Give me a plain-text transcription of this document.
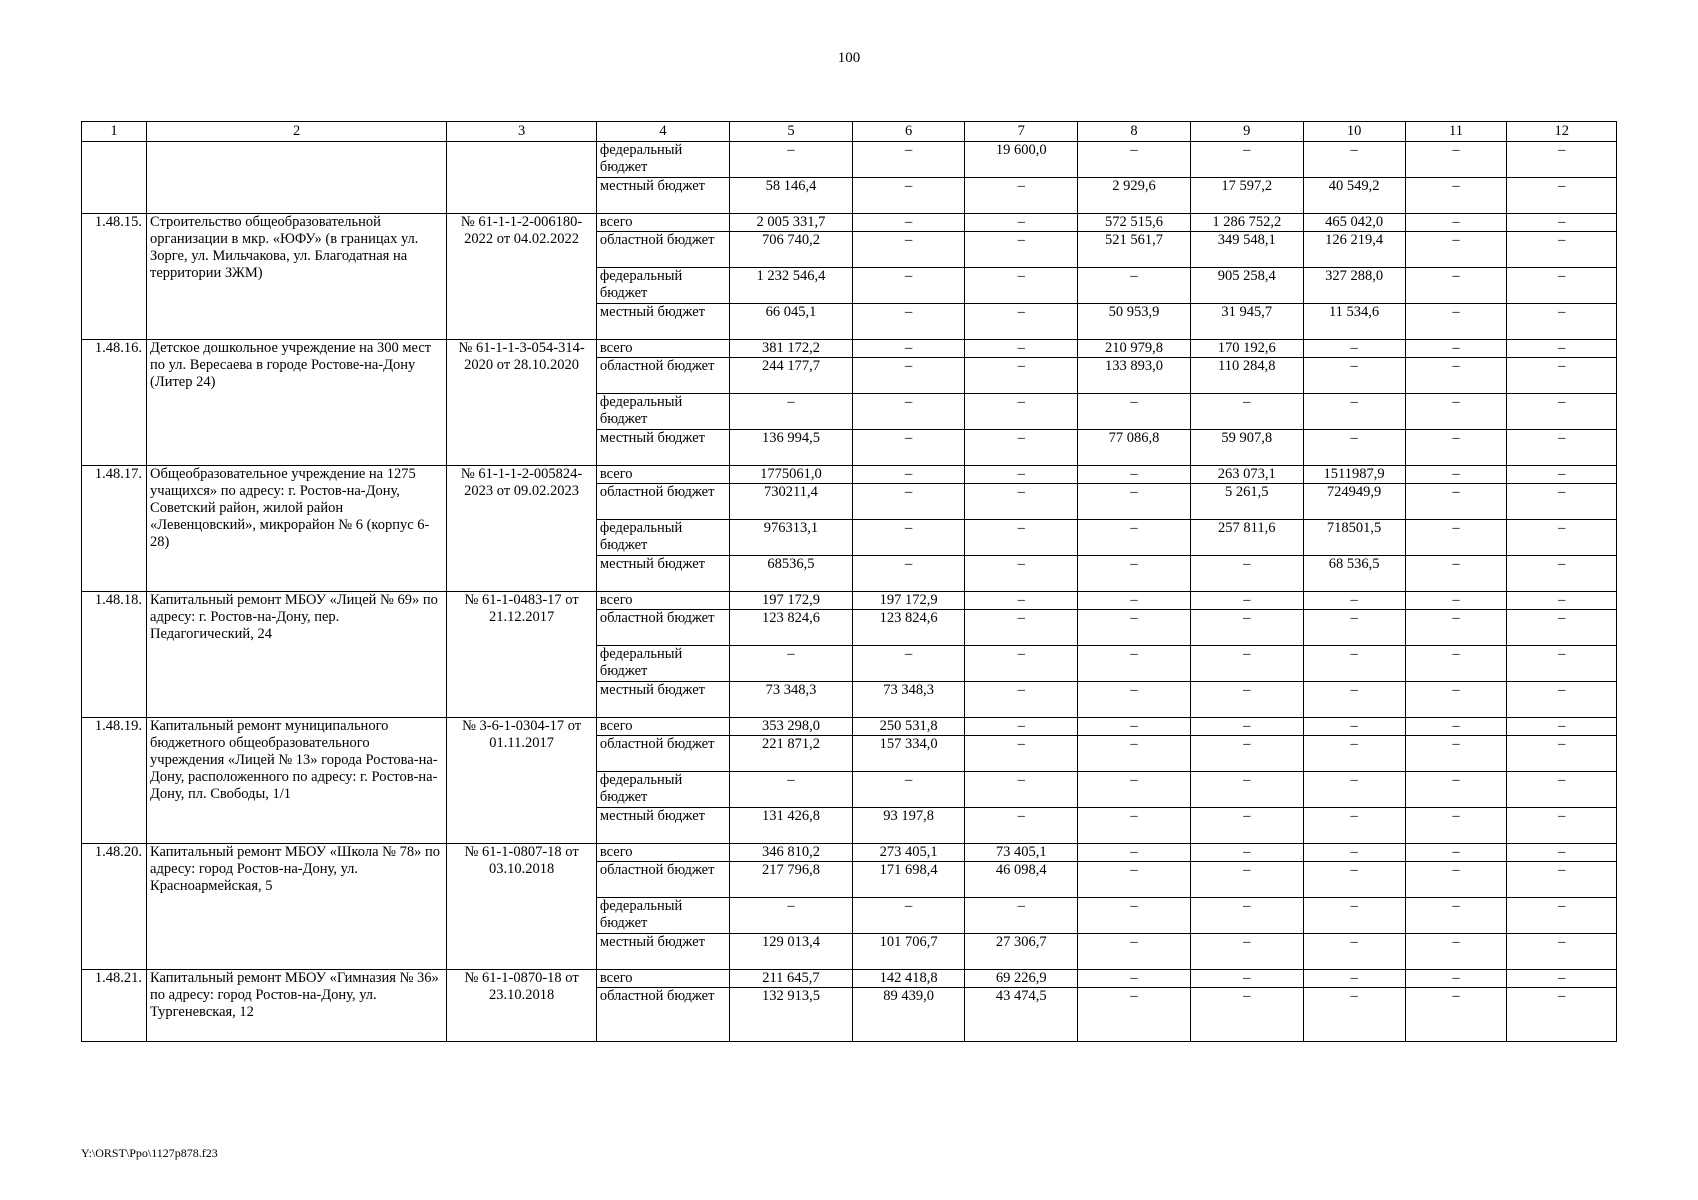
100
1	2	3	4	5	6	7	8	9	10	11	12
			федеральный бюджет	–	–	19 600,0	–	–	–	–	–
			местный бюджет	58 146,4	–	–	2 929,6	17 597,2	40 549,2	–	–
1.48.15.	Строительство общеобразовательной организации в мкр. «ЮФУ» (в границах ул. Зорге, ул. Мильчакова, ул. Благодатная на территории ЗЖМ)	№ 61-1-1-2-006180-2022 от 04.02.2022	всего	2 005 331,7	–	–	572 515,6	1 286 752,2	465 042,0	–	–
			областной бюджет	706 740,2	–	–	521 561,7	349 548,1	126 219,4	–	–
			федеральный бюджет	1 232 546,4	–	–	–	905 258,4	327 288,0	–	–
			местный бюджет	66 045,1	–	–	50 953,9	31 945,7	11 534,6	–	–
1.48.16.	Детское дошкольное учреждение на 300 мест по ул. Вересаева в городе Ростове-на-Дону (Литер 24)	№ 61-1-1-3-054-314-2020 от 28.10.2020	всего	381 172,2	–	–	210 979,8	170 192,6	–	–	–
			областной бюджет	244 177,7	–	–	133 893,0	110 284,8	–	–	–
			федеральный бюджет	–	–	–	–	–	–	–	–
			местный бюджет	136 994,5	–	–	77 086,8	59 907,8	–	–	–
1.48.17.	Общеобразовательное учреждение на 1275 учащихся» по адресу: г. Ростов-на-Дону, Советский район, жилой район «Левенцовский», микрорайон № 6 (корпус 6-28)	№ 61-1-1-2-005824-2023 от 09.02.2023	всего	1775061,0	–	–	–	263 073,1	1511987,9	–	–
			областной бюджет	730211,4	–	–	–	5 261,5	724949,9	–	–
			федеральный бюджет	976313,1	–	–	–	257 811,6	718501,5	–	–
			местный бюджет	68536,5	–	–	–	–	68 536,5	–	–
1.48.18.	Капитальный ремонт МБОУ «Лицей № 69» по адресу: г. Ростов-на-Дону, пер. Педагогический, 24	№ 61-1-0483-17 от 21.12.2017	всего	197 172,9	197 172,9	–	–	–	–	–	–
			областной бюджет	123 824,6	123 824,6	–	–	–	–	–	–
			федеральный бюджет	–	–	–	–	–	–	–	–
			местный бюджет	73 348,3	73 348,3	–	–	–	–	–	–
1.48.19.	Капитальный ремонт муниципального бюджетного общеобразовательного учреждения «Лицей № 13» города Ростова-на-Дону, расположенного по адресу: г. Ростов-на-Дону, пл. Свободы, 1/1	№ 3-6-1-0304-17 от 01.11.2017	всего	353 298,0	250 531,8	–	–	–	–	–	–
			областной бюджет	221 871,2	157 334,0	–	–	–	–	–	–
			федеральный бюджет	–	–	–	–	–	–	–	–
			местный бюджет	131 426,8	93 197,8	–	–	–	–	–	–
1.48.20.	Капитальный ремонт МБОУ «Школа № 78» по адресу: город Ростов-на-Дону, ул. Красноармейская, 5	№ 61-1-0807-18 от 03.10.2018	всего	346 810,2	273 405,1	73 405,1	–	–	–	–	–
			областной бюджет	217 796,8	171 698,4	46 098,4	–	–	–	–	–
			федеральный бюджет	–	–	–	–	–	–	–	–
			местный бюджет	129 013,4	101 706,7	27 306,7	–	–	–	–	–
1.48.21.	Капитальный ремонт МБОУ «Гимназия № 36» по адресу: город Ростов-на-Дону, ул. Тургеневская, 12	№ 61-1-0870-18 от 23.10.2018	всего	211 645,7	142 418,8	69 226,9	–	–	–	–	–
			областной бюджет	132 913,5	89 439,0	43 474,5	–	–	–	–	–
Y:\ORST\Ppo\1127p878.f23
